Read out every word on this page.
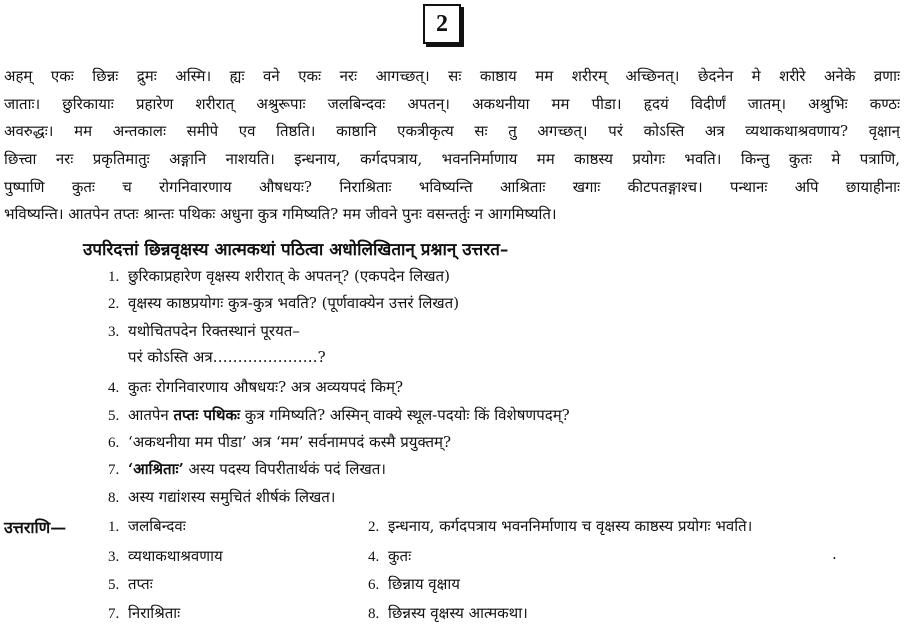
2
अहम् एकः छिन्नः द्रुमः अस्मि। ह्यः वने एकः नरः आगच्छत्। सः काष्ठाय मम शरीरम् अच्छिनत्। छेदनेन मे शरीरे अनेके व्रणाः
जाताः। छुरिकायाः प्रहारेण शरीरात् अश्रुरूपाः जलबिन्दवः अपतन्। अकथनीया मम पीडा। हृदयं विदीर्णं जातम्। अश्रुभिः कण्ठः
अवरुद्धः। मम अन्तकालः समीपे एव तिष्ठति। काष्ठानि एकत्रीकृत्य सः तु अगच्छत्। परं कोऽस्ति अत्र व्यथाकथाश्रवणाय? वृक्षान्
छित्त्वा नरः प्रकृतिमातुः अङ्गानि नाशयति। इन्धनाय, कर्गदपत्राय, भवननिर्माणाय मम काष्ठस्य प्रयोगः भवति। किन्तु कुतः मे पत्राणि,
पुष्पाणि कुतः च रोगनिवारणाय औषधयः? निराश्रिताः भविष्यन्ति आश्रिताः खगाः कीटपतङ्गाश्च। पन्थानः अपि छायाहीनाः
भविष्यन्ति। आतपेन तप्तः श्रान्तः पथिकः अधुना कुत्र गमिष्यति? मम जीवने पुनः वसन्तर्तुः न आगमिष्यति।
उपरिदत्तां छिन्नवृक्षस्य आत्मकथां पठित्वा अधोलिखितान् प्रश्नान् उत्तरत–
1. छुरिकाप्रहारेण वृक्षस्य शरीरात् के अपतन्? (एकपदेन लिखत)
2. वृक्षस्य काष्ठप्रयोगः कुत्र-कुत्र भवति? (पूर्णवाक्येन उत्तरं लिखत)
3. यथोचितपदेन रिक्तस्थानं पूरयत–
परं कोऽस्ति अत्र…………………?
4. कुतः रोगनिवारणाय औषधयः? अत्र अव्ययपदं किम्?
5. आतपेन तप्तः पथिकः कुत्र गमिष्यति? अस्मिन् वाक्ये स्थूल-पदयोः किं विशेषणपदम्?
6. ‘अकथनीया मम पीडा’ अत्र ‘मम’ सर्वनामपदं कस्मै प्रयुक्तम्?
7. ‘आश्रिताः’ अस्य पदस्य विपरीतार्थकं पदं लिखत।
8. अस्य गद्यांशस्य समुचितं शीर्षकं लिखत।
उत्तराणि—	1. जलबिन्दवः	2. इन्धनाय, कर्गदपत्राय भवननिर्माणाय च वृक्षस्य काष्ठस्य प्रयोगः भवति।
3. व्यथाकथाश्रवणाय	4. कुतः
5. तप्तः	6. छिन्नाय वृक्षाय
7. निराश्रिताः	8. छिन्नस्य वृक्षस्य आत्मकथा।
.
